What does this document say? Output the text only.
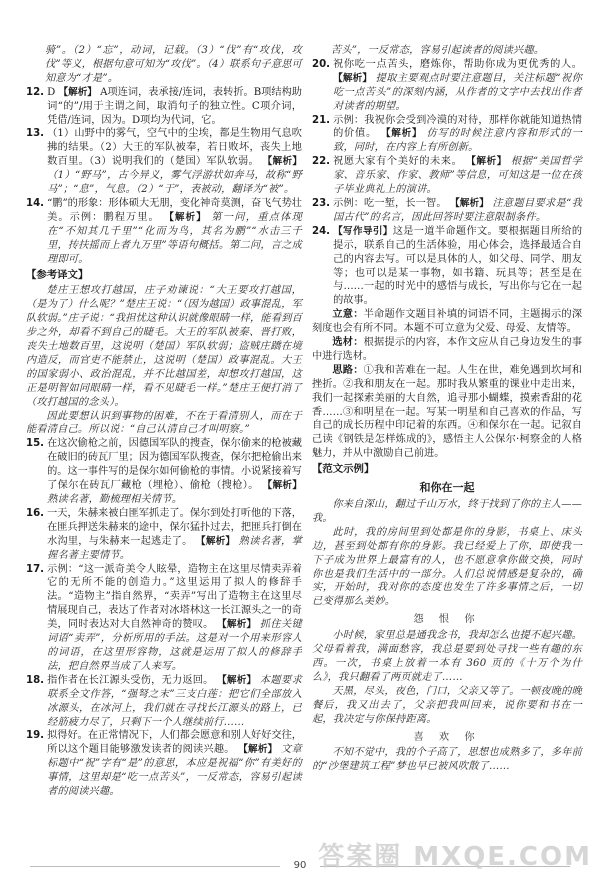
骑”。（2）“忘”，动词，记载。（3）“伐”有“攻伐，攻伐”等义，根据句意可知为“攻伐”。（4）联系句子意思可知意为“才是”。

12. D 【解析】 A项连词，表承接/连词，表转折。B项结构助词“的”/用于主谓之间，取消句子的独立性。C项介词，凭借/连词，因为。D项均为代词，它。

13. （1）山野中的雾气，空气中的尘埃，都是生物用气息吹拂的结果。（2）大王的军队被奉，若日败坏，丧失上地数百里。（3）说明我们的（楚国）军队软弱。 【解析】 （1）“野马”，古今异义，雾气浮游状如奔马，故称“野马”；“息”，气息。（2）“于”，表被动，翻译为“被”。

14. “鹏”的形象：形体硕大无朋，变化神奇莫测，奋飞气势壮美。示例：鹏程万里。 【解析】 第一问，重点体现在“不知其几千里”“化而为鸟，其名为鹏”“水击三千里，抟扶摇而上者九万里”等语句概括。第二问，言之成理即可。

【参考译文】

楚庄王想攻打越国，庄子劝谏说：“大王要攻打越国，（是为了）什么呢？”楚庄王说：“（因为越国）政事混乱，军队软弱。”庄子说：“我担忧这种认识就像眼睛一样，能看到百步之外，却看不到自己的睫毛。大王的军队被秦、晋打败，丧失土地数百里，这说明（楚国）军队软弱；盗贼庄蹻在境内造反，而官吏不能禁止，这说明（楚国）政事混乱。大王的国家弱小、政治混乱，并不比越国差，却想攻打越国，这正是明智如同眼睛一样，看不见睫毛一样。”楚庄王便打消了（攻打越国的念头）。

因此要想认识到事物的困难，不在于看清别人，而在于能看清自己。所以说：“自己认清自己才叫明察。”

15. 在这次偷枪之前，因德国军队的搜查，保尔偷来的枪被藏在破旧的砖瓦厂里；因为德国军队搜查，保尔把枪偷出来的。这一事件写的是保尔如何偷枪的事情。小说紧接着写了保尔在砖瓦厂藏枪（埋枪）、偷枪（搜枪）。 【解析】 熟读名著，勤梳理相关情节。

16. 一天，朱赫来被白匪军抓走了。保尔到处打听他的下落，在匪兵押送朱赫来的途中，保尔猛扑过去，把匪兵打倒在水沟里，与朱赫来一起逃走了。 【解析】 熟读名著，掌握名著主要情节。

17. 示例：“这一派奇美令人眩晕，造物主在这里尽情卖弄着它的无所不能的创造力。”这里运用了拟人的修辞手法。“造物主”指自然界，“卖弄”写出了造物主在这里尽情展现自己，表达了作者对冰塔林这一长江源头之一的奇美，同时表达对大自然神奇的赞叹。 【解析】 抓住关键词语“卖弄”，分析所用的手法。这是对一个用来形容人的词语，在这里形容物，这就是运用了拟人的修辞手法，把自然界当成了人来写。

18. 指作者在长江源头受伤，无力返回。 【解析】 本题要求联系全文作答，“强弩之末”三支白莲：把它们全部放入冰源头，在冰河上，我们就在寻找长江源头的路上，已经筋疲力尽了，只剩下一个人继续前行……

19. 拟得好。在正常情况下，人们都会愿意和别人好好交往，所以这个题目能够激发读者的阅读兴趣。 【解析】 文章标题中“祝”字有“是”的意思，本应是祝福“你”有美好的事情，这里却是“吃一点苦头”，一反常态，容易引起读者的阅读兴趣。

苦头”，一反常态，容易引起读者的阅读兴趣。

20. 祝你吃一点苦头，磨炼你，帮助你成为更优秀的人。 【解析】 提取主要观点时要注意题目，关注标题“祝你吃一点苦头”的深刻内涵，从作者的文字中去找出作者对读者的期望。

21. 示例：我祝你会受到冷漠的对待，那样你就能知道热情的价值。 【解析】 仿写的时候注意内容和形式的一致，同时，在内容上有所创新。

22. 祝愿大家有个美好的未来。 【解析】 根据“美国哲学家、音乐家、作家、教师”等信息，可知这是一位在孩子毕业典礼上的演讲。

23. 示例：吃一堑，长一智。 【解析】 注意题目要求是“我国古代”的名言，因此回答时要注意限制条件。

24. 【写作导引】这是一道半命题作文。要根据题目所给的提示，联系自己的生活体验，用心体会，选择最适合自己的内容去写。可以是具体的人，如父母、同学、朋友等；也可以是某一事物，如书籍、玩具等；甚至是在与……一起的时光中的感悟与成长，写出你与它在一起的故事。

立意：半命题作文题目补填的词语不同，主题揭示的深刻度也会有所不同。本题不可立意为父爱、母爱、友情等。

选材：根据提示的内容，本作文应从自己身边发生的事中进行选材。

思路：①我和苦难在一起。人生在世，难免遇到坎坷和挫折。②我和朋友在一起。那时我从繁重的课业中走出来，我们一起探索美丽的大自然，追寻那小蝴蝶，摸索香甜的花香……③和明星在一起。写某一明星和自己喜欢的作品，写自己的成长历程中印记着的东西。④和保尔在一起。记叙自己读《钢铁是怎样炼成的》，感悟主人公保尔·柯察金的人格魅力，并从中激励自己前进。

【范文示例】
和你在一起

你来自深山，翻过千山万水，终于找到了你的主人——我。

此时，我的房间里到处都是你的身影，书桌上、床头边，甚至到处都有你的身影。我已经爱上了你，即使我一下子成为世界上最富有的人，也不愿意拿你做交换，同时你也是我们生活中的一部分。人们总说情感是复杂的，确实，开始时，我对你的态度也发生了许多事情之后，一切已变得那么美妙。

怨 恨 你

小时候，家里总是通我念书，我却怎么也提不起兴趣。父母看着我，满面愁容，我总是要到处寻找一些有趣的东西。一次，书桌上放着一本有 360 页的《十万个为什么》，我只翻看了两页就走了……

天黑，尽头，夜色，门口，父亲又等了。一顿夜晚的晚餐后，我又出去了，父亲把我叫回来，说你要和书在一起，我决定与你保持距离。

喜 欢 你

不知不觉中，我的个子高了，思想也成熟多了，多年前的“沙堡建筑工程”梦也早已被风吹散了……

90 答案圈 MXQE.COM
